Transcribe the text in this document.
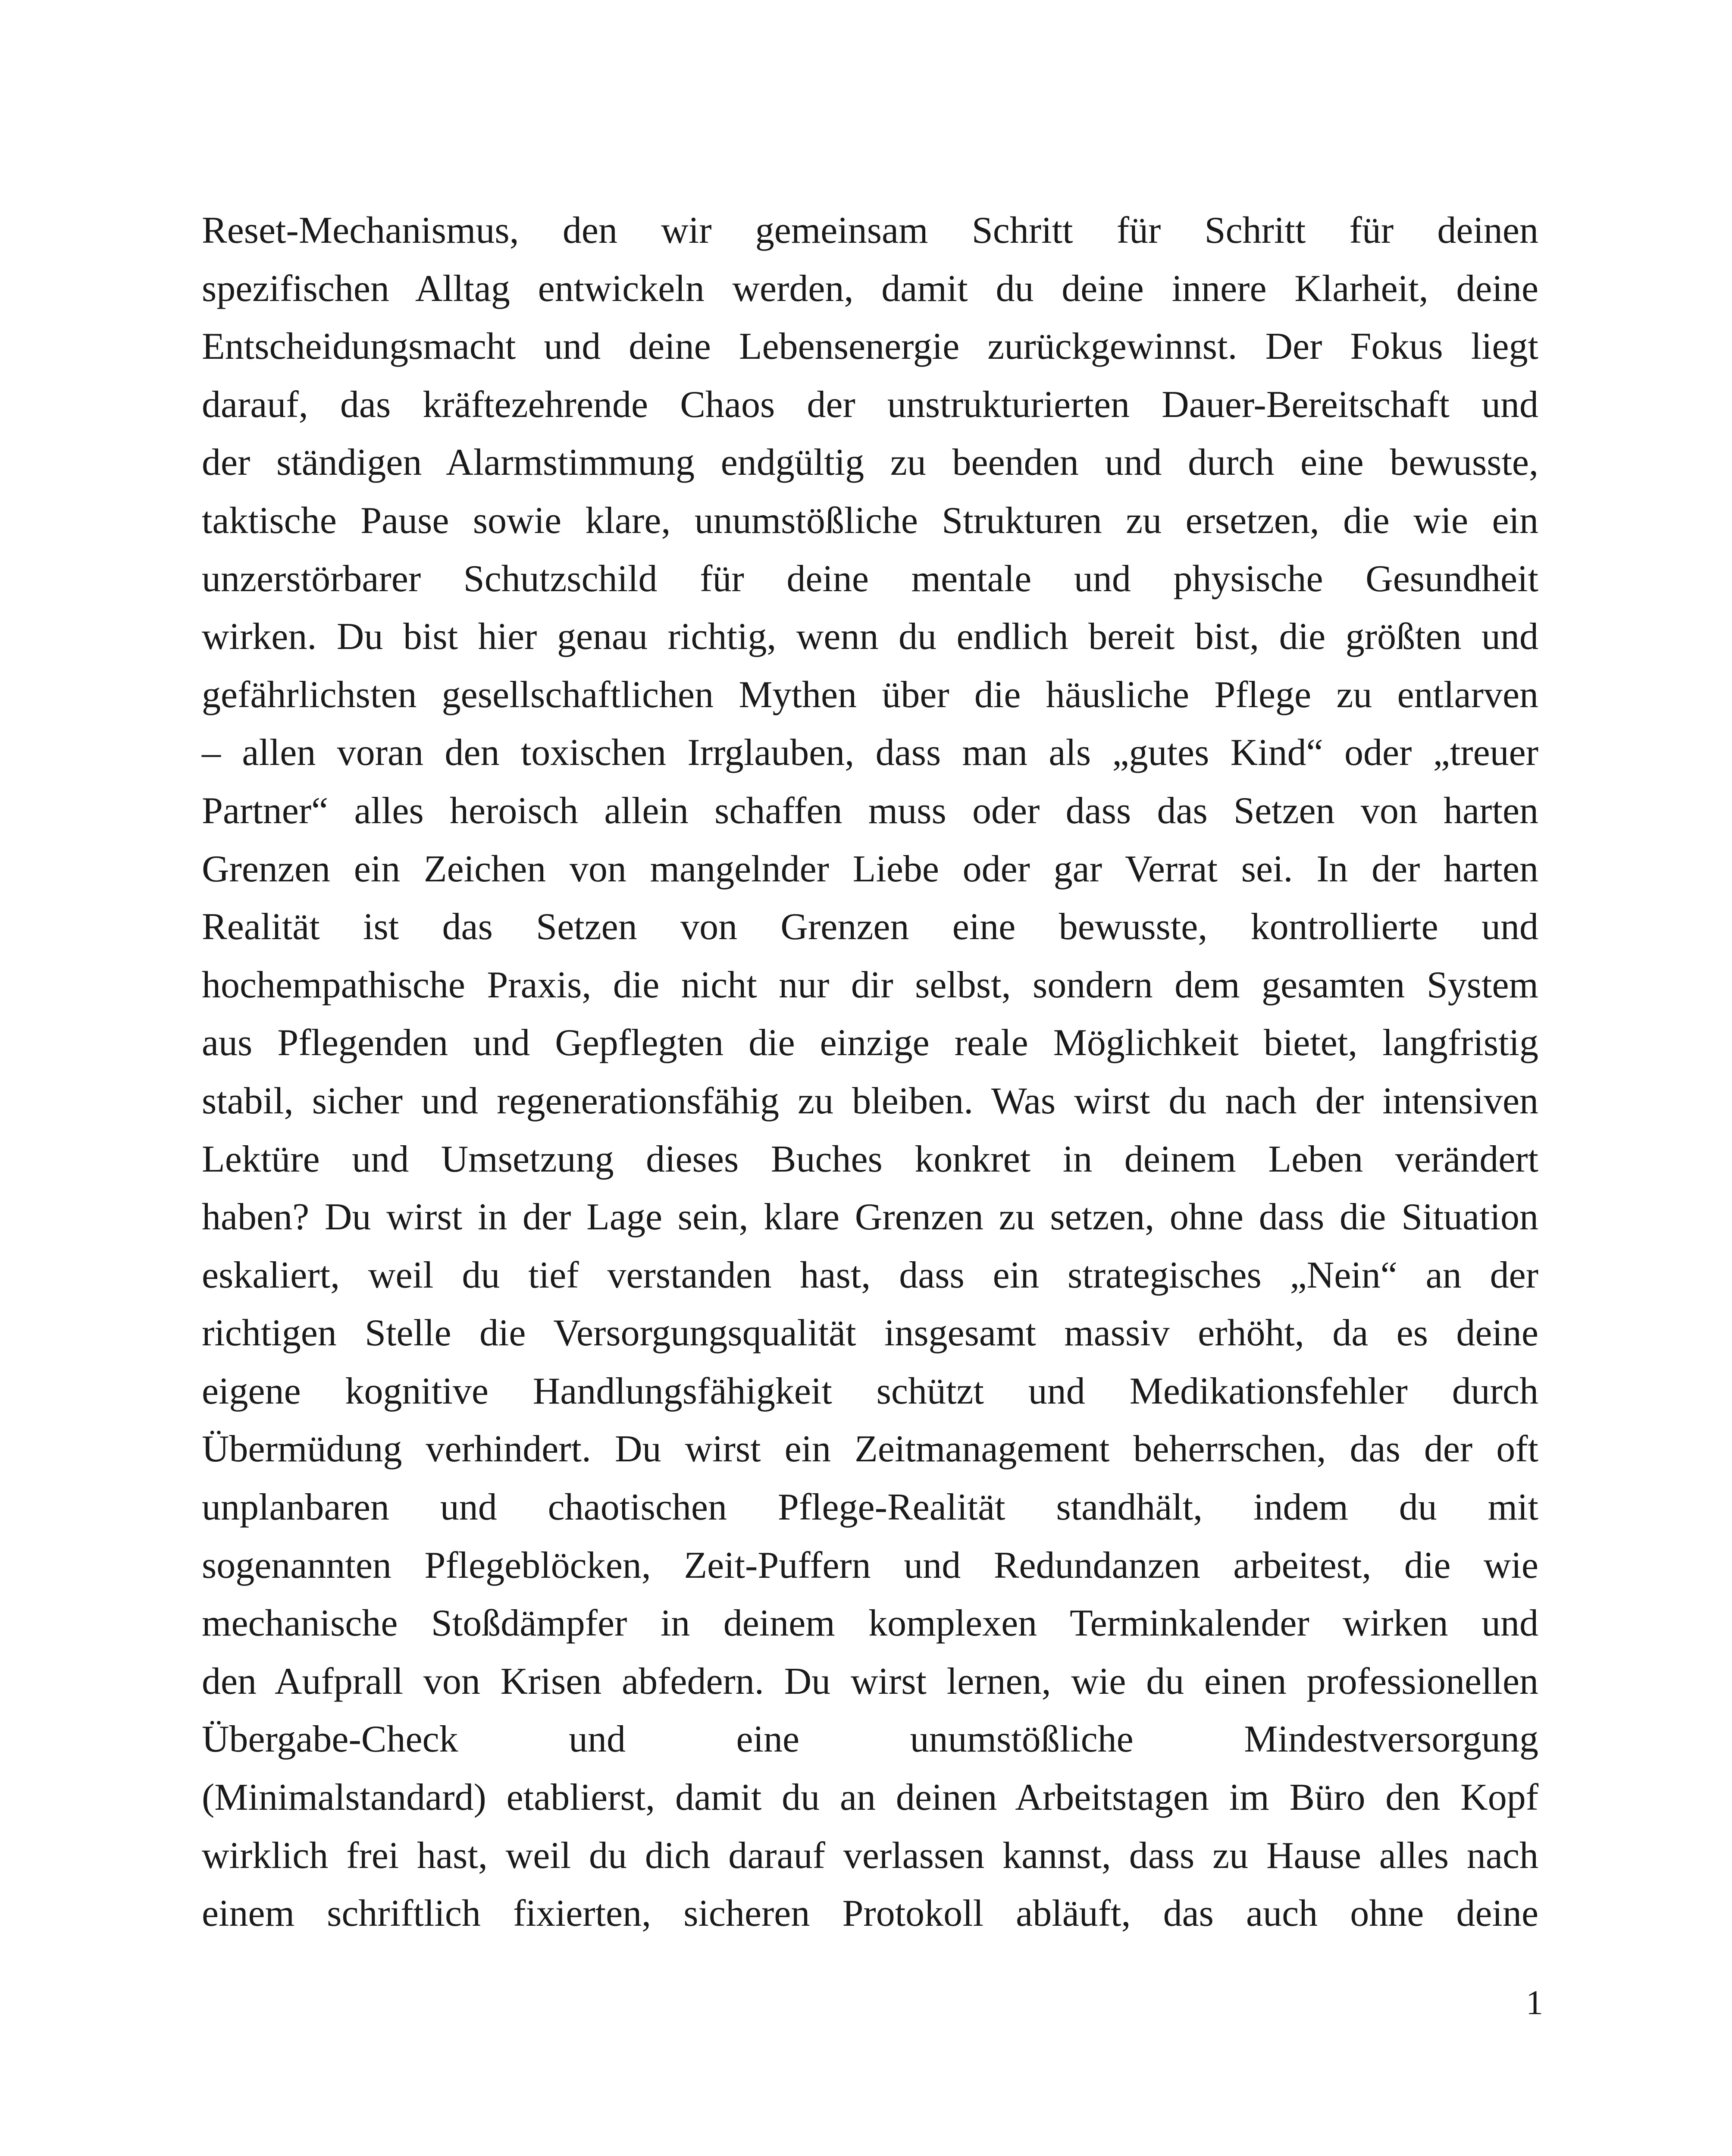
Reset-Mechanismus, den wir gemeinsam Schritt für Schritt für deinen
spezifischen Alltag entwickeln werden, damit du deine innere Klarheit, deine
Entscheidungsmacht und deine Lebensenergie zurückgewinnst. Der Fokus liegt
darauf, das kräftezehrende Chaos der unstrukturierten Dauer-Bereitschaft und
der ständigen Alarmstimmung endgültig zu beenden und durch eine bewusste,
taktische Pause sowie klare, unumstößliche Strukturen zu ersetzen, die wie ein
unzerstörbarer Schutzschild für deine mentale und physische Gesundheit
wirken. Du bist hier genau richtig, wenn du endlich bereit bist, die größten und
gefährlichsten gesellschaftlichen Mythen über die häusliche Pflege zu entlarven
– allen voran den toxischen Irrglauben, dass man als „gutes Kind“ oder „treuer
Partner“ alles heroisch allein schaffen muss oder dass das Setzen von harten
Grenzen ein Zeichen von mangelnder Liebe oder gar Verrat sei. In der harten
Realität ist das Setzen von Grenzen eine bewusste, kontrollierte und
hochempathische Praxis, die nicht nur dir selbst, sondern dem gesamten System
aus Pflegenden und Gepflegten die einzige reale Möglichkeit bietet, langfristig
stabil, sicher und regenerationsfähig zu bleiben. Was wirst du nach der intensiven
Lektüre und Umsetzung dieses Buches konkret in deinem Leben verändert
haben? Du wirst in der Lage sein, klare Grenzen zu setzen, ohne dass die Situation
eskaliert, weil du tief verstanden hast, dass ein strategisches „Nein“ an der
richtigen Stelle die Versorgungsqualität insgesamt massiv erhöht, da es deine
eigene kognitive Handlungsfähigkeit schützt und Medikationsfehler durch
Übermüdung verhindert. Du wirst ein Zeitmanagement beherrschen, das der oft
unplanbaren und chaotischen Pflege-Realität standhält, indem du mit
sogenannten Pflegeblöcken, Zeit-Puffern und Redundanzen arbeitest, die wie
mechanische Stoßdämpfer in deinem komplexen Terminkalender wirken und
den Aufprall von Krisen abfedern. Du wirst lernen, wie du einen professionellen
Übergabe-Check und eine unumstößliche Mindestversorgung
(Minimalstandard) etablierst, damit du an deinen Arbeitstagen im Büro den Kopf
wirklich frei hast, weil du dich darauf verlassen kannst, dass zu Hause alles nach
einem schriftlich fixierten, sicheren Protokoll abläuft, das auch ohne deine
1
